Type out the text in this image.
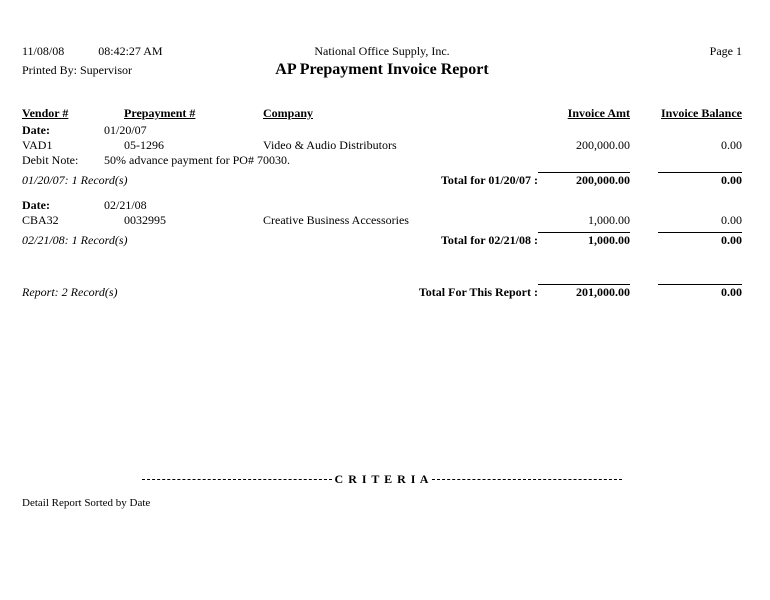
11/08/08	08:42:27 AM	National Office Supply, Inc.	Page 1
Printed By: Supervisor	AP Prepayment Invoice Report
Vendor #	Prepayment #	Company	Invoice Amt	Invoice Balance
Date:	01/20/07
VAD1	05-1296	Video & Audio Distributors	200,000.00	0.00
Debit Note:	50% advance payment for PO# 70030.
01/20/07: 1 Record(s)	Total for 01/20/07 :	200,000.00	0.00
Date:	02/21/08
CBA32	0032995	Creative Business Accessories	1,000.00	0.00
02/21/08: 1 Record(s)	Total for 02/21/08 :	1,000.00	0.00
Report: 2 Record(s)	Total For This Report :	201,000.00	0.00
C R I T E R I A
Detail Report Sorted by Date
